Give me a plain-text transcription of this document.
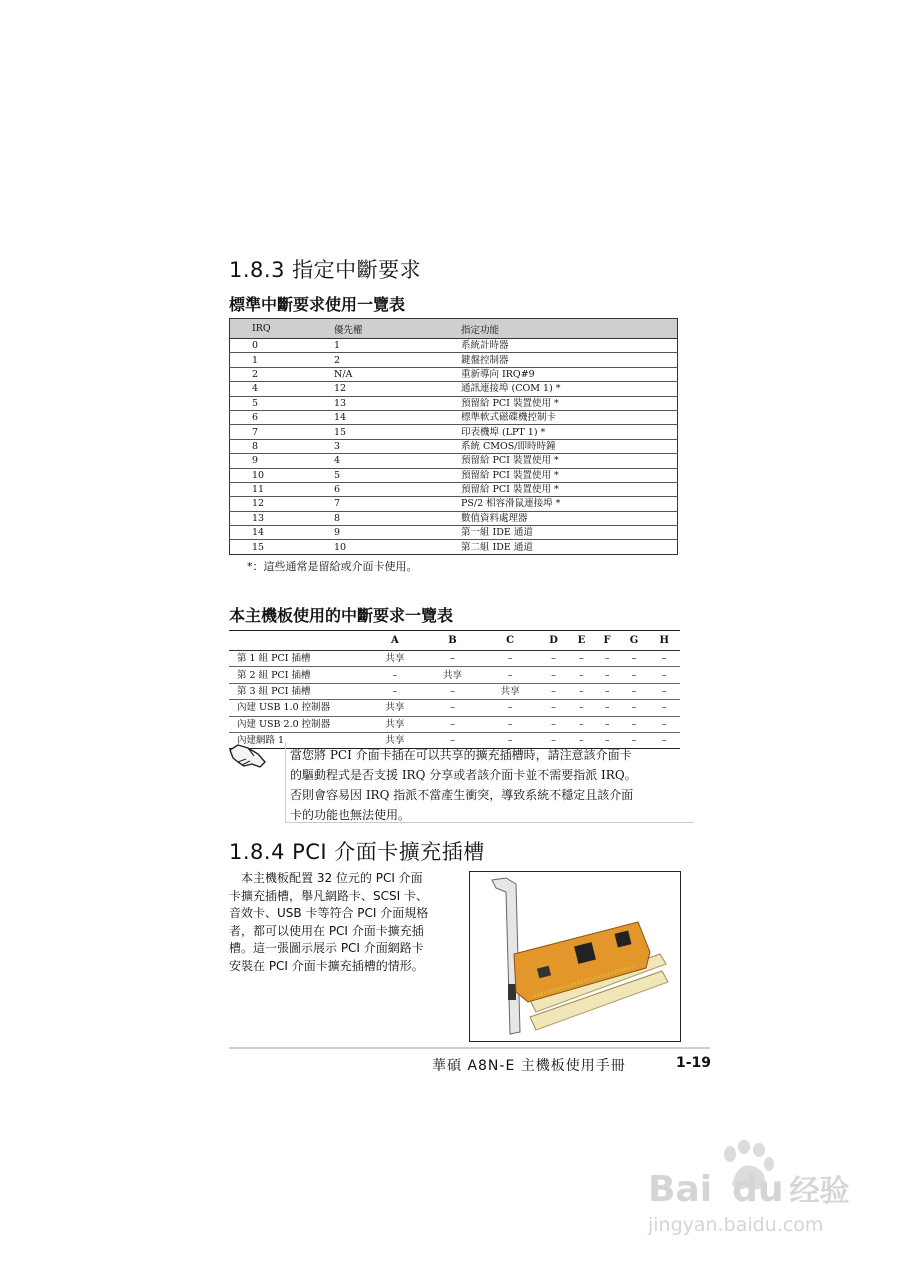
1.8.3 指定中斷要求
標準中斷要求使用一覽表
IRQ	優先權	指定功能
0	1	系統計時器
1	2	鍵盤控制器
2	N/A	重新導向 IRQ#9
4	12	通訊連接埠 (COM 1) *
5	13	預留給 PCI 裝置使用 *
6	14	標準軟式磁碟機控制卡
7	15	印表機埠 (LPT 1) *
8	3	系統 CMOS/即時時鐘
9	4	預留給 PCI 裝置使用 *
10	5	預留給 PCI 裝置使用 *
11	6	預留給 PCI 裝置使用 *
12	7	PS/2 相容滑鼠連接埠 *
13	8	數值資料處理器
14	9	第一組 IDE 通道
15	10	第二組 IDE 通道
*：這些通常是留給或介面卡使用。
本主機板使用的中斷要求一覽表
	A	B	C	D	E	F	G	H
第 1 組 PCI 插槽	共享	–	–	–	–	–	–	–
第 2 組 PCI 插槽	–	共享	–	–	–	–	–	–
第 3 組 PCI 插槽	–	–	共享	–	–	–	–	–
內建 USB 1.0 控制器	共享	–	–	–	–	–	–	–
內建 USB 2.0 控制器	共享	–	–	–	–	–	–	–
內建網路 1	共享	–	–	–	–	–	–	–
當您將 PCI 介面卡插在可以共享的擴充插槽時，請注意該介面卡
的驅動程式是否支援 IRQ 分享或者該介面卡並不需要指派 IRQ。
否則會容易因 IRQ 指派不當產生衝突，導致系統不穩定且該介面
卡的功能也無法使用。
1.8.4 PCI 介面卡擴充插槽
本主機板配置 32 位元的 PCI 介面
卡擴充插槽，舉凡網路卡、SCSI 卡、
音效卡、USB 卡等符合 PCI 介面規格
者，都可以使用在 PCI 介面卡擴充插
槽。這一張圖示展示 PCI 介面網路卡
安裝在 PCI 介面卡擴充插槽的情形。
華碩 A8N-E 主機板使用手冊	1-19
Bai du 经验
jingyan.baidu.com
